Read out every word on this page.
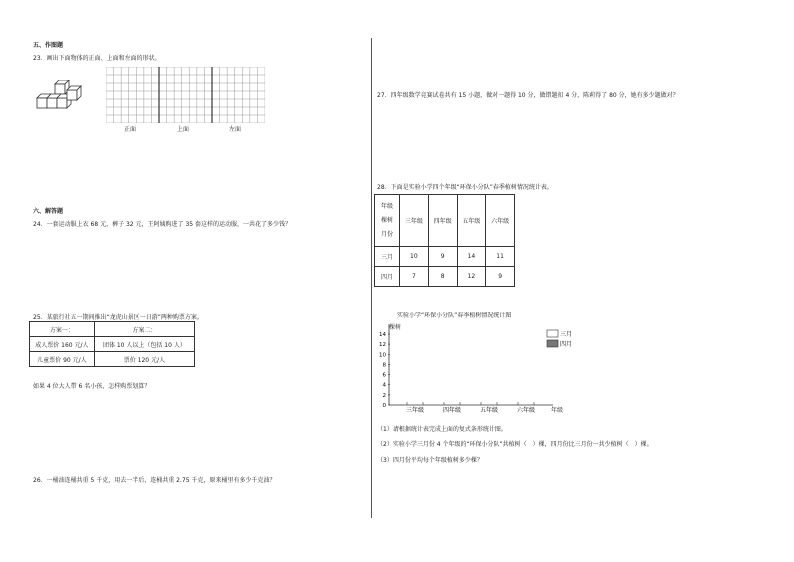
五、作图题
23．画出下面物体的正面、上面和左面的形状。
正面	上面	左面
六、解答题
24．一套运动服上衣 68 元，裤子 32 元，王阿姨购进了 35 套这样的运动服，一共花了多少钱？
25．某旅行社五一期间推出“龙虎山景区一日游”两种购票方案。
方案一：	方案二：
成人票价 160 元/人	团体 10 人以上（包括 10 人）
儿童票价 90 元/人	票价 120 元/人
如果 4 位大人带 6 名小孩，怎样购票划算？
26．一桶油连桶共重 5 千克，用去一半后，连桶共重 2.75 千克，原来桶里有多少千克油？
27．四年级数学竞赛试卷共有 15 小题，做对一题得 10 分，做错题扣 4 分，陈莉得了 80 分，她有多少题做对？
28．下面是实验小学四个年级“环保小分队”春季植树情况统计表。
年级
棵树
月份	三年级	四年级	五年级	六年级
三月	10	9	14	11
四月	7	8	12	9
实验小学“环保小分队”春季植树情况统计图
棵树
年级
0
2
4
6
8
10
12
14
三年级	四年级	五年级	六年级
三月
四月
（1）请根据统计表完成上面的复式条形统计图。
（2）实验小学三月份 4 个年级的“环保小分队”共植树（　）棵，四月份比三月份一共少植树（　）棵。
（3）四月份平均每个年级植树多少棵？
